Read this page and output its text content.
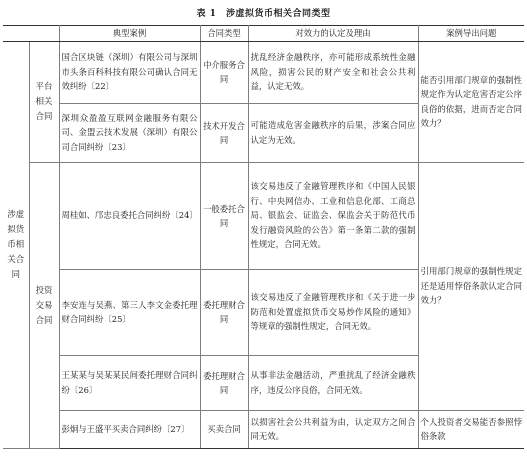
表 1　涉虚拟货币相关合同类型
		典型案例	合同类型	对效力的认定及理由	案例导出问题
涉虚拟货币相关合同	平台相关合同	国合区块链（深圳）有限公司与深圳市头条百科科技有限公司确认合同无效纠纷〔22〕	中介服务合同	扰乱经济金融秩序，亦可能形成系统性金融风险，损害公民的财产安全和社会公共利益，认定无效。	能否引用部门规章的强制性规定作为认定危害否定公序良俗的依据，进而否定合同效力？
		深圳众盈盈互联网金融服务有限公司、金盟云技术发展（深圳）有限公司合同纠纷〔23〕	技术开发合同	可能造成危害金融秩序的后果，涉案合同应认定为无效。	
	投资交易合同	周桂如、邝忠良委托合同纠纷〔24〕	一般委托合同	该交易违反了金融管理秩序和《中国人民银行、中央网信办、工业和信息化部、工商总局、银监会、证监会、保监会关于防范代币发行融资风险的公告》第一条第二款的强制性规定，合同无效。	引用部门规章的强制性规定还是适用悖俗条款认定合同效力？
		李安连与吴燕、第三人李文金委托理财合同纠纷〔25〕	委托理财合同	该交易违反了金融管理秩序和《关于进一步防范和处置虚拟货币交易炒作风险的通知》等规章的强制性规定，合同无效。	
		王某某与吴某某民间委托理财合同纠纷〔26〕	委托理财合同	从事非法金融活动，严重扰乱了经济金融秩序，违反公序良俗，合同无效。	
		彭炯与王盛平买卖合同纠纷〔27〕	买卖合同	以损害社会公共利益为由，认定双方之间合同无效。	个人投资者交易能否参照悖俗条款
